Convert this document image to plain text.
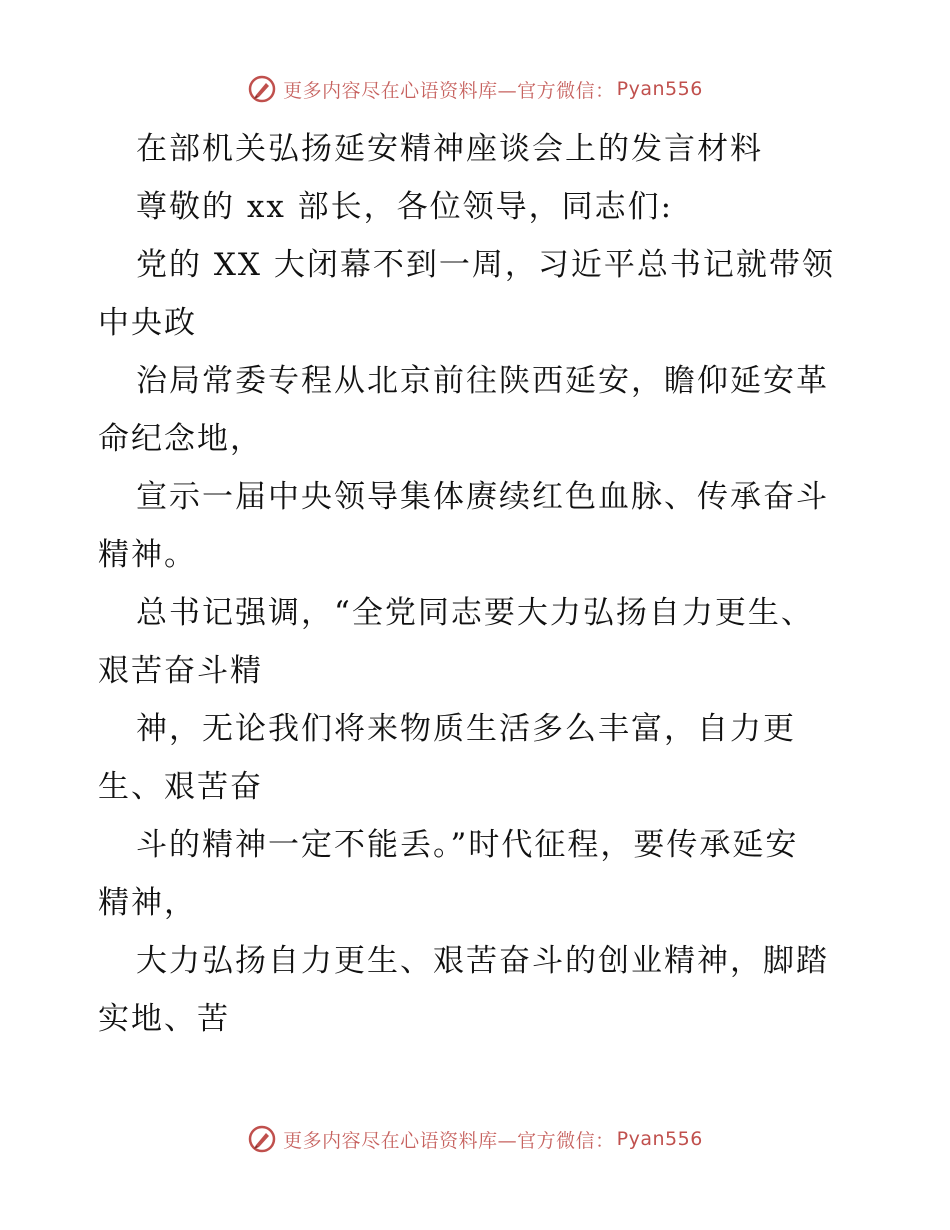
更多内容尽在心语资料库—官方微信： Pyan556
在部机关弘扬延安精神座谈会上的发言材料
尊敬的 xx 部长，各位领导，同志们:
党的 XX 大闭幕不到一周，习近平总书记就带领
中央政
治局常委专程从北京前往陕西延安，瞻仰延安革
命纪念地，
宣示一届中央领导集体赓续红色血脉、传承奋斗
精神。
总书记强调，“全党同志要大力弘扬自力更生、
艰苦奋斗精
神，无论我们将来物质生活多么丰富，自力更
生、艰苦奋
斗的精神一定不能丢。”时代征程，要传承延安
精神，
大力弘扬自力更生、艰苦奋斗的创业精神，脚踏
实地、苦
更多内容尽在心语资料库—官方微信： Pyan556
